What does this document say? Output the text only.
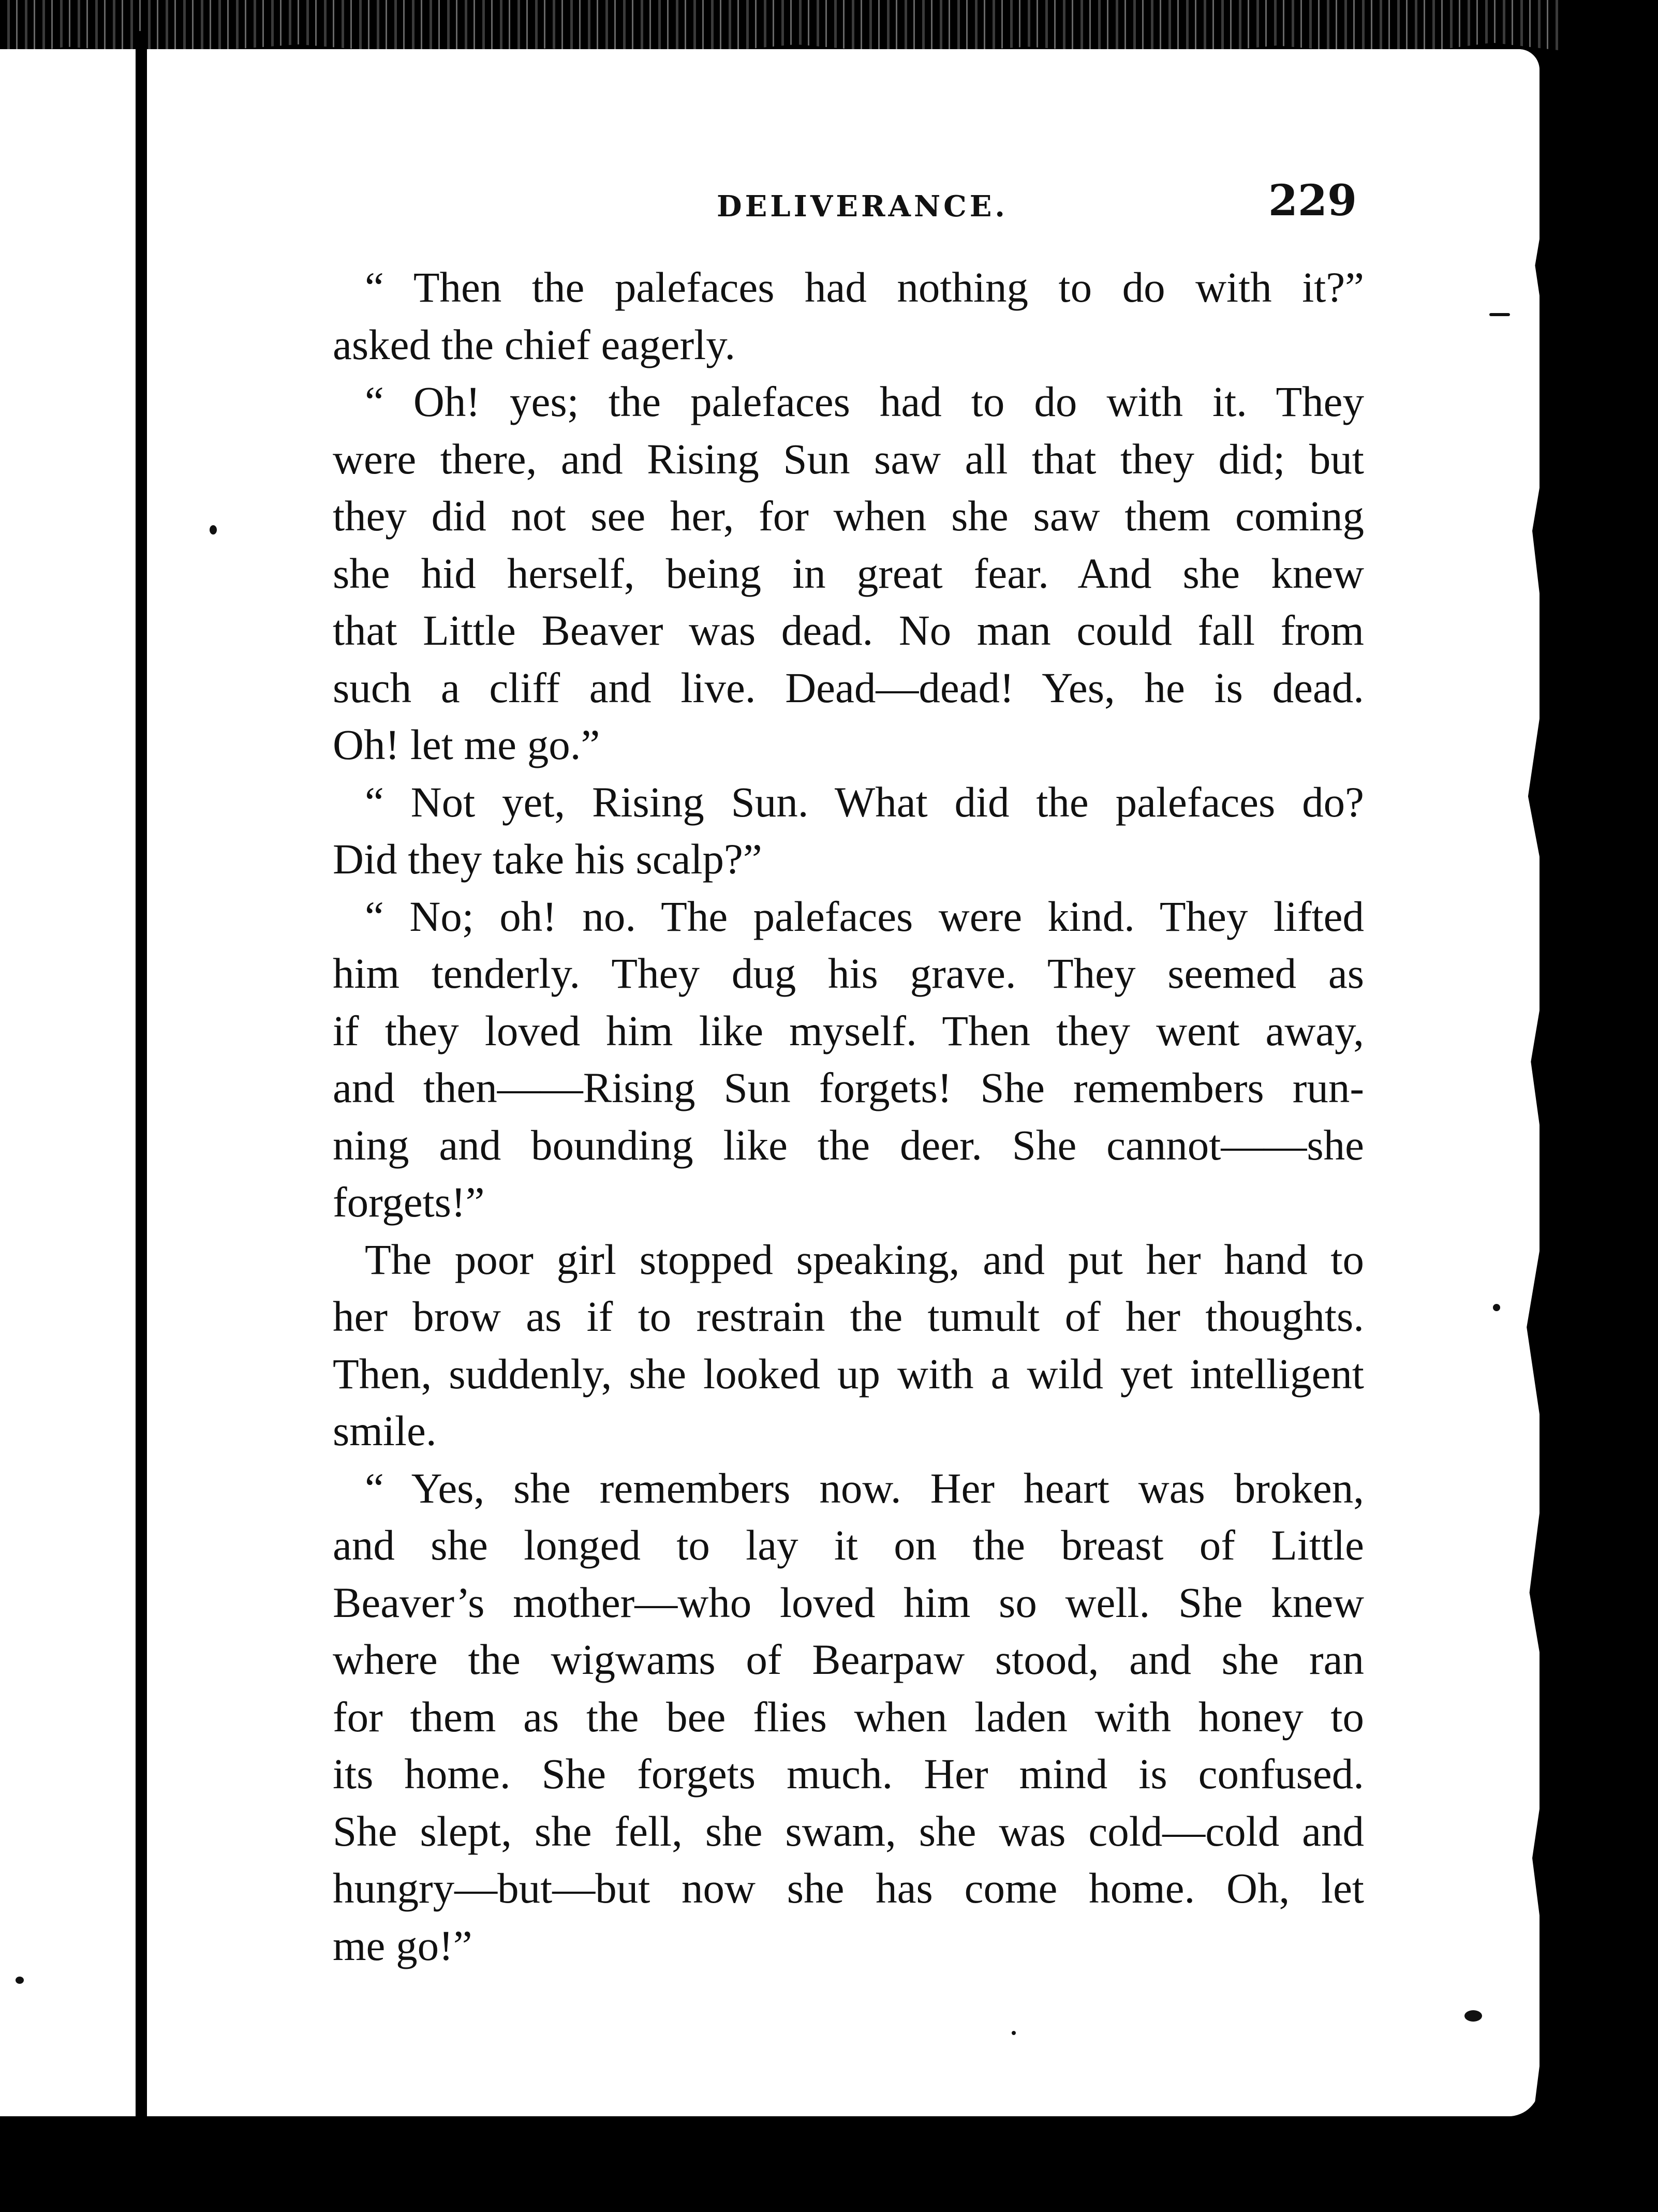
DELIVERANCE.	229

“ Then the palefaces had nothing to do with it?”
asked the chief eagerly.

“ Oh! yes; the palefaces had to do with it. They
were there, and Rising Sun saw all that they did; but
they did not see her, for when she saw them coming
she hid herself, being in great fear. And she knew
that Little Beaver was dead. No man could fall from
such a cliff and live. Dead—dead! Yes, he is dead.
Oh! let me go.”

“ Not yet, Rising Sun. What did the palefaces do?
Did they take his scalp?”

“ No; oh! no. The palefaces were kind. They lifted
him tenderly. They dug his grave. They seemed as
if they loved him like myself. Then they went away,
and then——Rising Sun forgets! She remembers run-
ning and bounding like the deer. She cannot——she
forgets!”

The poor girl stopped speaking, and put her hand to
her brow as if to restrain the tumult of her thoughts.
Then, suddenly, she looked up with a wild yet intelligent
smile.

“ Yes, she remembers now. Her heart was broken,
and she longed to lay it on the breast of Little
Beaver’s mother—who loved him so well. She knew
where the wigwams of Bearpaw stood, and she ran
for them as the bee flies when laden with honey to
its home. She forgets much. Her mind is confused.
She slept, she fell, she swam, she was cold—cold and
hungry—but—but now she has come home. Oh, let
me go!”
